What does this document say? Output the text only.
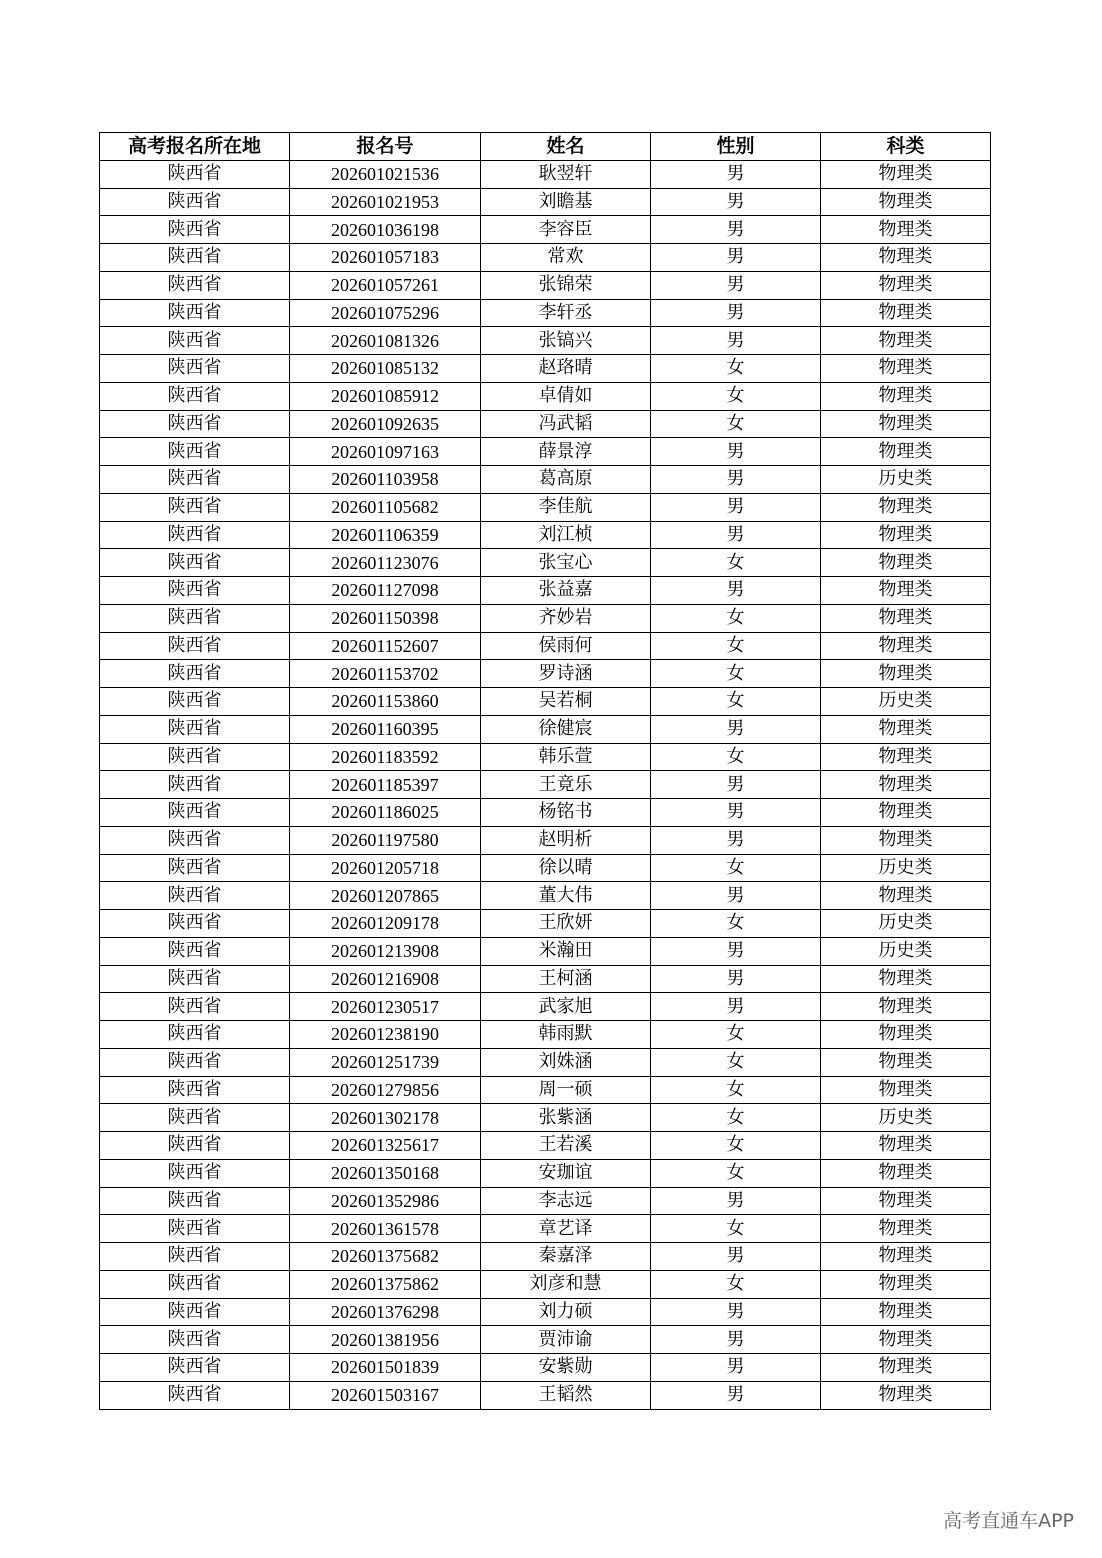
高考报名所在地	报名号	姓名	性别	科类
陕西省	202601021536	耿翌轩	男	物理类
陕西省	202601021953	刘瞻基	男	物理类
陕西省	202601036198	李容臣	男	物理类
陕西省	202601057183	常欢	男	物理类
陕西省	202601057261	张锦荣	男	物理类
陕西省	202601075296	李轩丞	男	物理类
陕西省	202601081326	张镐兴	男	物理类
陕西省	202601085132	赵珞晴	女	物理类
陕西省	202601085912	卓倩如	女	物理类
陕西省	202601092635	冯武韬	女	物理类
陕西省	202601097163	薛景淳	男	物理类
陕西省	202601103958	葛高原	男	历史类
陕西省	202601105682	李佳航	男	物理类
陕西省	202601106359	刘江桢	男	物理类
陕西省	202601123076	张宝心	女	物理类
陕西省	202601127098	张益嘉	男	物理类
陕西省	202601150398	齐妙岩	女	物理类
陕西省	202601152607	侯雨何	女	物理类
陕西省	202601153702	罗诗涵	女	物理类
陕西省	202601153860	吴若桐	女	历史类
陕西省	202601160395	徐健宸	男	物理类
陕西省	202601183592	韩乐萱	女	物理类
陕西省	202601185397	王竟乐	男	物理类
陕西省	202601186025	杨铭书	男	物理类
陕西省	202601197580	赵明析	男	物理类
陕西省	202601205718	徐以晴	女	历史类
陕西省	202601207865	董大伟	男	物理类
陕西省	202601209178	王欣妍	女	历史类
陕西省	202601213908	米瀚田	男	历史类
陕西省	202601216908	王柯涵	男	物理类
陕西省	202601230517	武家旭	男	物理类
陕西省	202601238190	韩雨默	女	物理类
陕西省	202601251739	刘姝涵	女	物理类
陕西省	202601279856	周一硕	女	物理类
陕西省	202601302178	张紫涵	女	历史类
陕西省	202601325617	王若溪	女	物理类
陕西省	202601350168	安珈谊	女	物理类
陕西省	202601352986	李志远	男	物理类
陕西省	202601361578	章艺译	女	物理类
陕西省	202601375682	秦嘉泽	男	物理类
陕西省	202601375862	刘彦和慧	女	物理类
陕西省	202601376298	刘力硕	男	物理类
陕西省	202601381956	贾沛谕	男	物理类
陕西省	202601501839	安紫勋	男	物理类
陕西省	202601503167	王韬然	男	物理类
高考直通车APP
